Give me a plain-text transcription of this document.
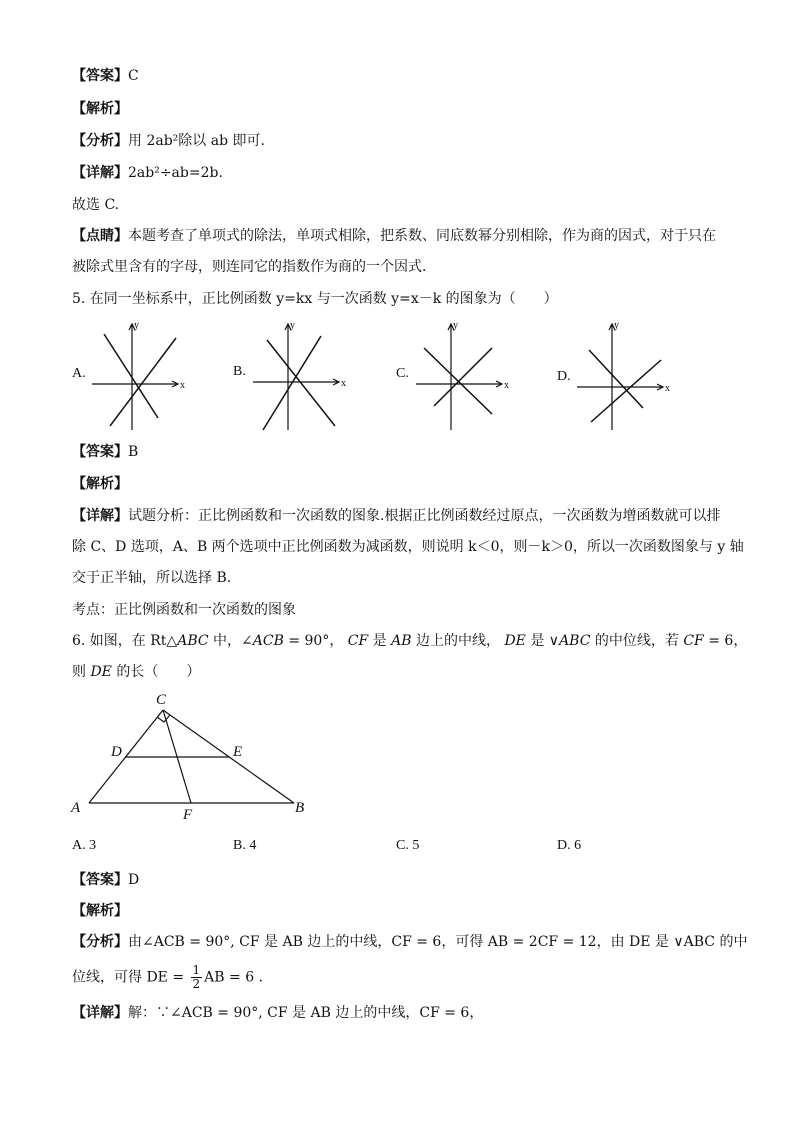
【答案】C
【解析】
【分析】用 2ab²除以 ab 即可.
【详解】2ab²÷ab=2b.
故选 C.
【点睛】本题考查了单项式的除法，单项式相除，把系数、同底数幂分别相除，作为商的因式，对于只在
被除式里含有的字母，则连同它的指数作为商的一个因式.
5. 在同一坐标系中，正比例函数 y=kx 与一次函数 y=x－k 的图象为（　　）
A.
x
y
B.
x
y
C.
x
y
D.
x
y
【答案】B
【解析】
【详解】试题分析：正比例函数和一次函数的图象.根据正比例函数经过原点，一次函数为增函数就可以排
除 C、D 选项，A、B 两个选项中正比例函数为减函数，则说明 k＜0，则－k＞0，所以一次函数图象与 y 轴
交于正半轴，所以选择 B.
考点：正比例函数和一次函数的图象
6. 如图，在 Rt△ABC 中，∠ACB = 90°， CF 是 AB 边上的中线， DE 是 ∨ABC 的中位线，若 CF = 6，
则 DE 的长（　　）
C
D	E
A	F	B
A. 3	B. 4	C. 5	D. 6
【答案】D
【解析】
【分析】由∠ACB = 90°, CF 是 AB 边上的中线，CF = 6，可得 AB = 2CF = 12，由 DE 是 ∨ABC 的中
位线，可得 DE = $\frac{1}{2}$ AB = 6 .
【详解】解：∵∠ACB = 90°, CF 是 AB 边上的中线，CF = 6，
